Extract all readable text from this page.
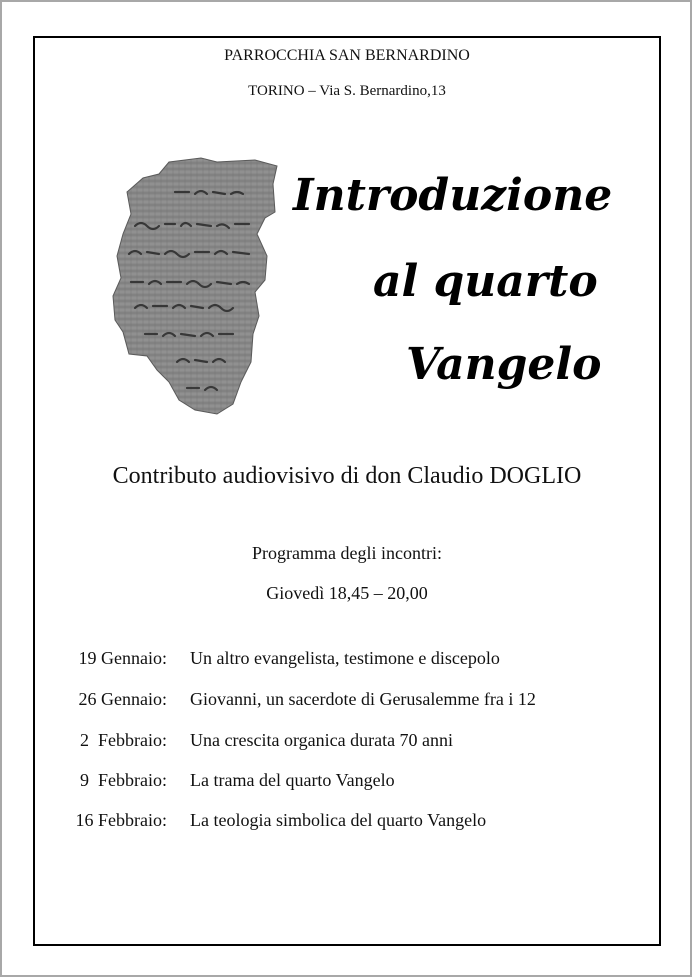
PARROCCHIA SAN BERNARDINO
TORINO – Via S. Bernardino,13
Introduzione
al quarto
Vangelo
Contributo audiovisivo di don Claudio DOGLIO
Programma degli incontri:
Giovedì 18,45 – 20,00
19 Gennaio: Un altro evangelista, testimone e discepolo
26 Gennaio: Giovanni, un sacerdote di Gerusalemme fra i 12
2  Febbraio: Una crescita organica durata 70 anni
9  Febbraio: La trama del quarto Vangelo
16 Febbraio: La teologia simbolica del quarto Vangelo
